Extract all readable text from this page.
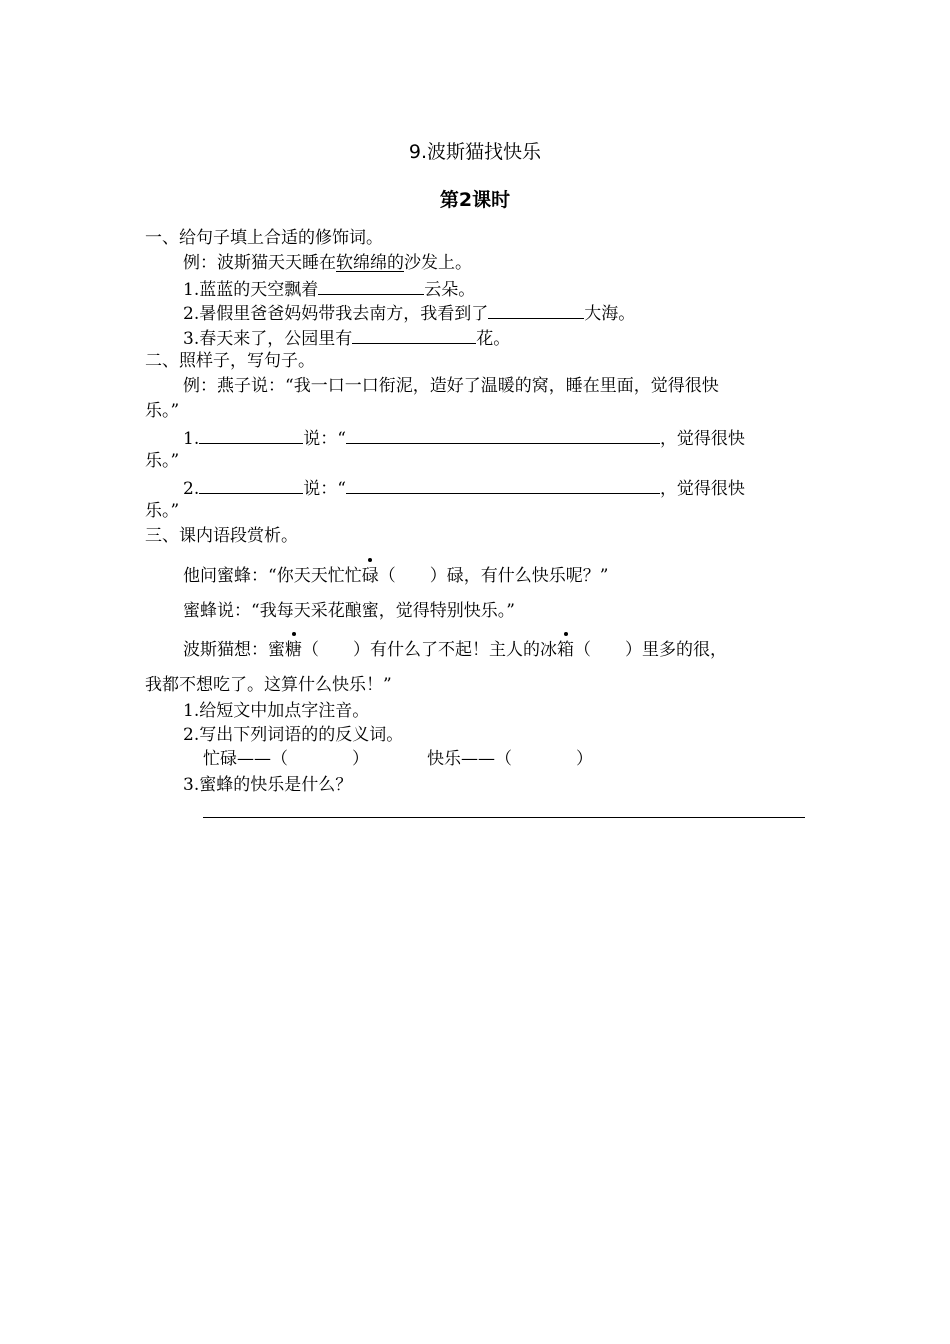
9.波斯猫找快乐
第2课时
一、给句子填上合适的修饰词。
例：波斯猫天天睡在软绵绵的沙发上。
1.蓝蓝的天空飘着	云朵。
2.暑假里爸爸妈妈带我去南方，我看到了	大海。
3.春天来了，公园里有	花。
二、照样子，写句子。
例：燕子说：“我一口一口衔泥，造好了温暖的窝，睡在里面，觉得很快
乐。”
1.	说：“	，觉得很快
乐。”
2.	说：“	，觉得很快
乐。”
三、课内语段赏析。
他问蜜蜂：“你天天忙忙碌（ ）碌，有什么快乐呢？”
蜜蜂说：“我每天采花酿蜜，觉得特别快乐。”
波斯猫想：蜜糖（ ）有什么了不起！主人的冰箱（ ）里多的很，
我都不想吃了。这算什么快乐！”
1.给短文中加点字注音。
2.写出下列词语的的反义词。
忙碌——（	）	快乐——（	）
3.蜜蜂的快乐是什么？
